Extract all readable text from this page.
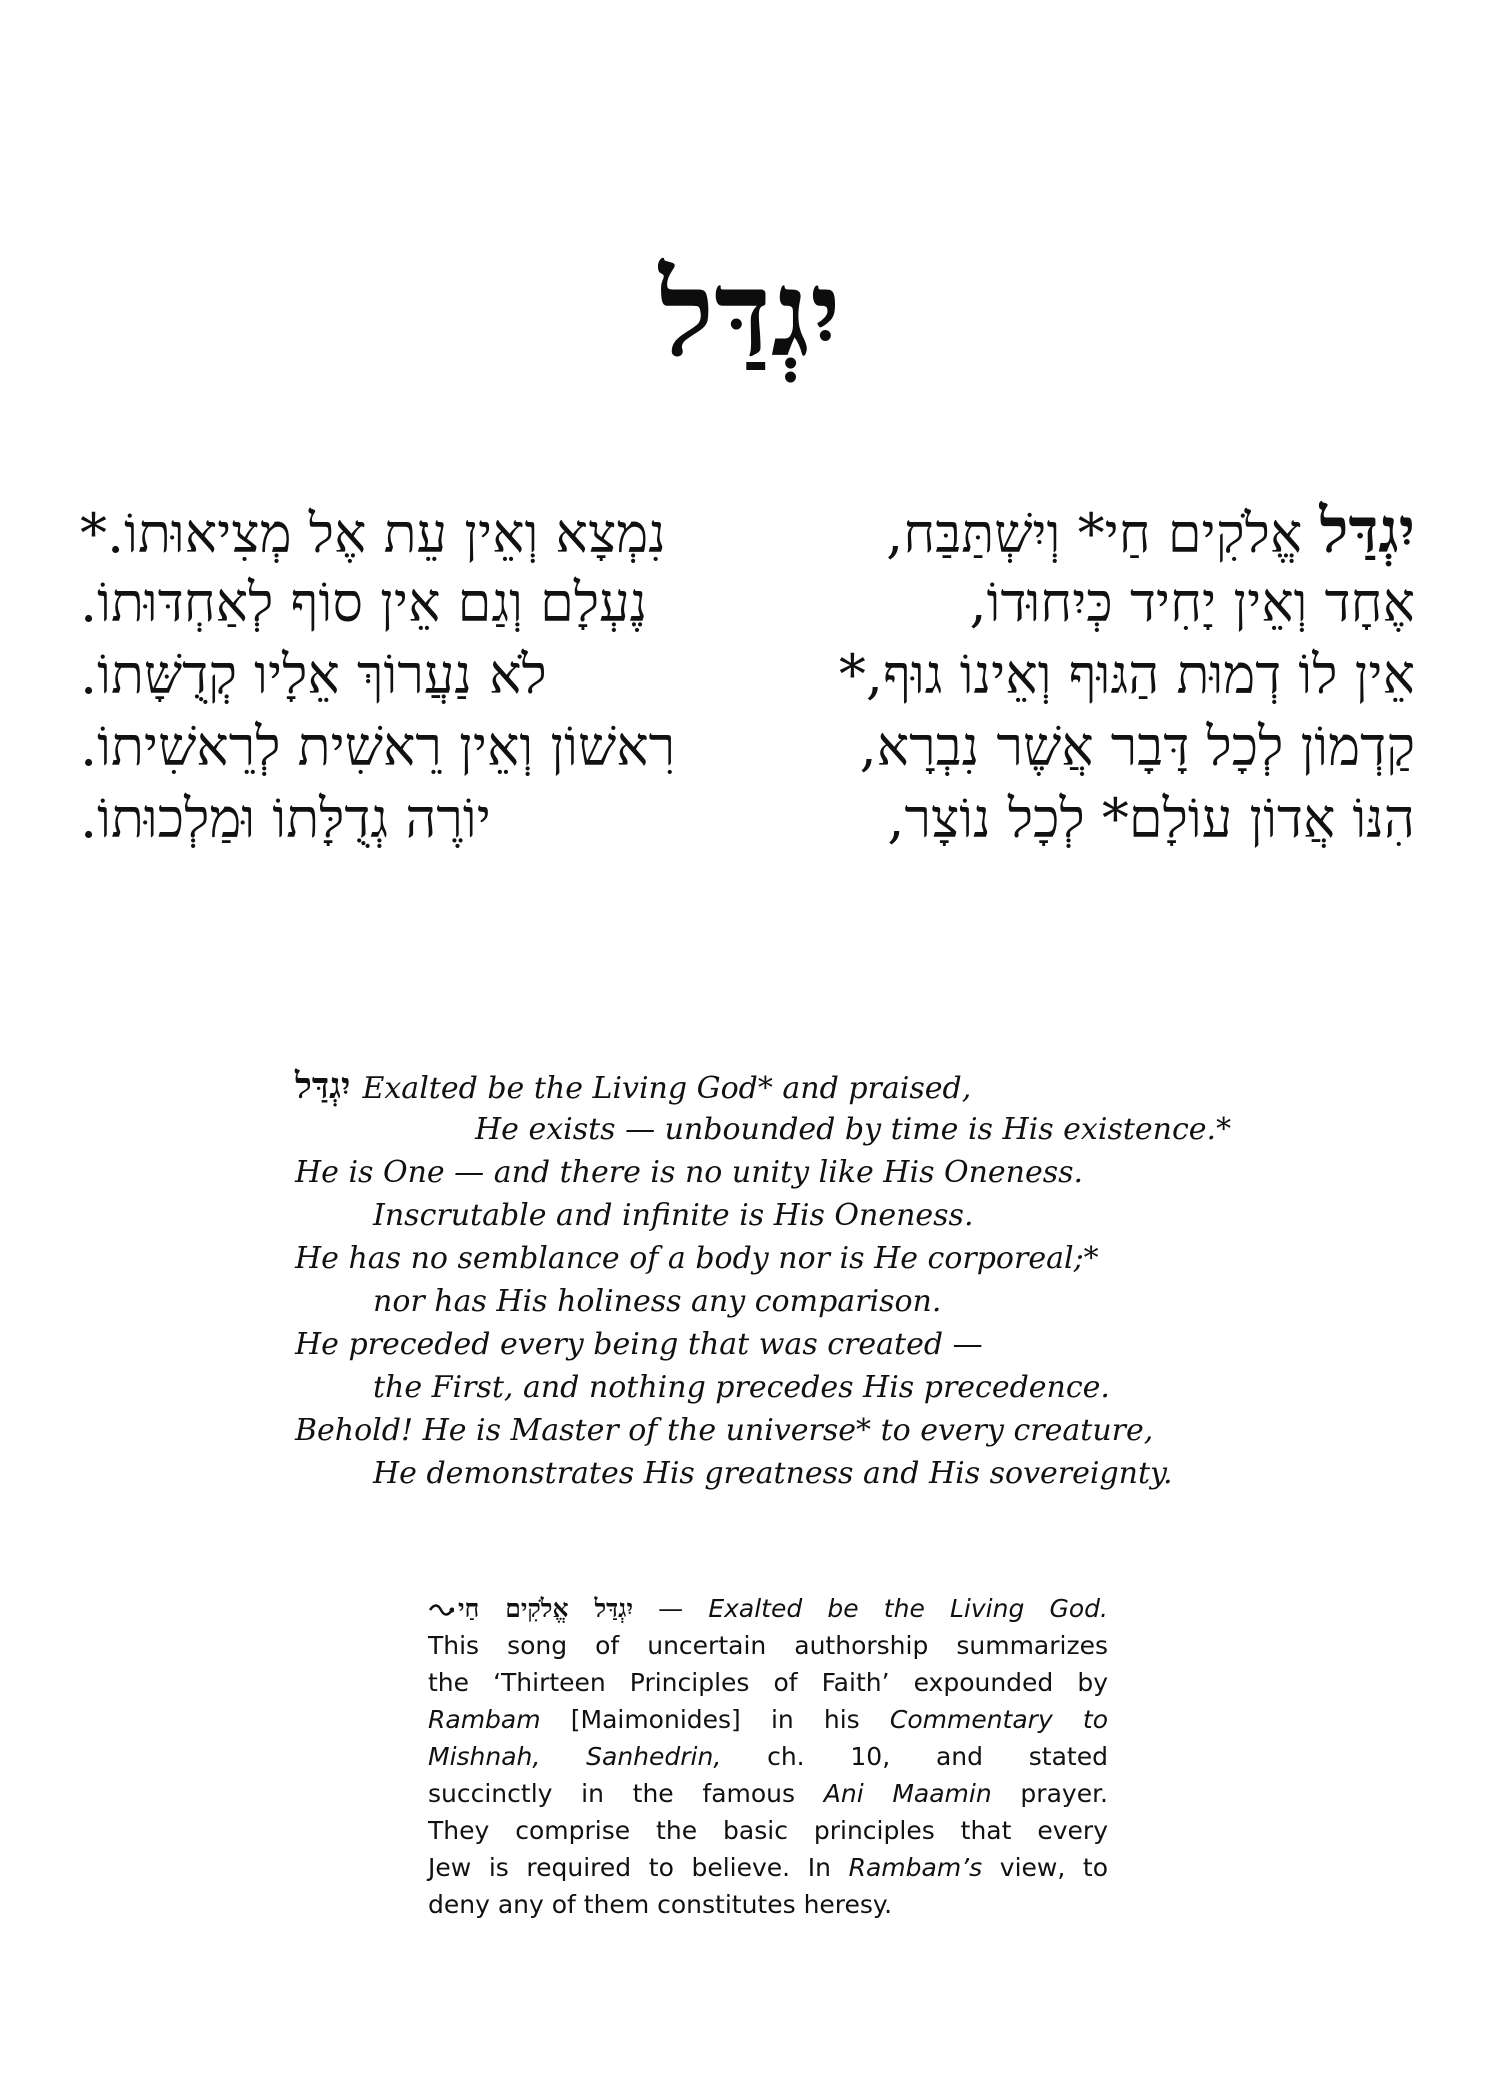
יִגְדַּל
יִגְדַּל אֱלֹקִים חַי* וְיִשְׁתַּבַּח,
נִמְצָא וְאֵין עֵת אֶל מְצִיאוּתוֹ.*
אֶחָד וְאֵין יָחִיד כְּיִחוּדוֹ,
נֶעְלָם וְגַם אֵין סוֹף לְאַחְדּוּתוֹ.
אֵין לוֹ דְמוּת הַגּוּף וְאֵינוֹ גוּף,*
לֹא נַעֲרוֹךְ אֵלָיו קְדֻשָּׁתוֹ.
קַדְמוֹן לְכָל דָּבָר אֲשֶׁר נִבְרָא,
רִאשׁוֹן וְאֵין רֵאשִׁית לְרֵאשִׁיתוֹ.
הִנּוֹ אֲדוֹן עוֹלָם* לְכָל נוֹצָר,
יוֹרֶה גְדֻלָּתוֹ וּמַלְכוּתוֹ.
יִגְדַּל Exalted be the Living God* and praised,
He exists — unbounded by time is His existence.*
He is One — and there is no unity like His Oneness.
Inscrutable and infinite is His Oneness.
He has no semblance of a body nor is He corporeal;*
nor has His holiness any comparison.
He preceded every being that was created —
the First, and nothing precedes His precedence.
Behold! He is Master of the universe* to every creature,
He demonstrates His greatness and His sovereignty.
יִגְדַּל אֱלֹקִים חַי — Exalted be the Living God.
This song of uncertain authorship summarizes
the ‘Thirteen Principles of Faith’ expounded by
Rambam [Maimonides] in his Commentary to
Mishnah, Sanhedrin, ch. 10, and stated
succinctly in the famous Ani Maamin prayer.
They comprise the basic principles that every
Jew is required to believe. In Rambam’s view, to
deny any of them constitutes heresy.
